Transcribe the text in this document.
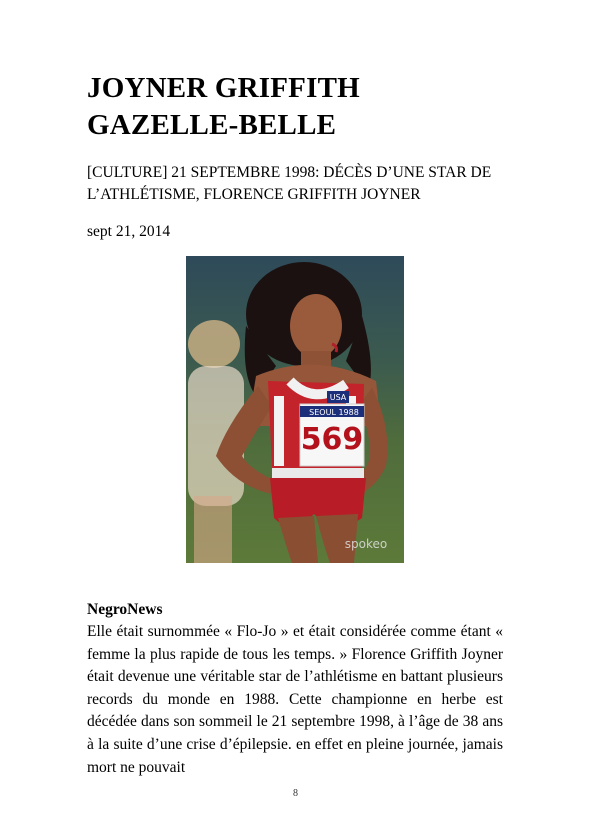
JOYNER GRIFFITH
GAZELLE-BELLE
[CULTURE] 21 SEPTEMBRE 1998: DÉCÈS D’UNE STAR DE L’ATHLÉTISME, FLORENCE GRIFFITH JOYNER
sept 21, 2014
USA
SEOUL 1988
569
spokeo
NegroNews

Elle était surnommée « Flo-Jo » et était considérée comme étant « femme la plus rapide de tous les temps. » Florence Griffith Joyner était devenue une véritable star de l’athlétisme en battant plusieurs records du monde en 1988. Cette championne en herbe est décédée dans son sommeil le 21 septembre 1998, à l’âge de 38 ans à la suite d’une crise d’épilepsie. en effet en pleine journée, jamais mort ne pouvait

8
